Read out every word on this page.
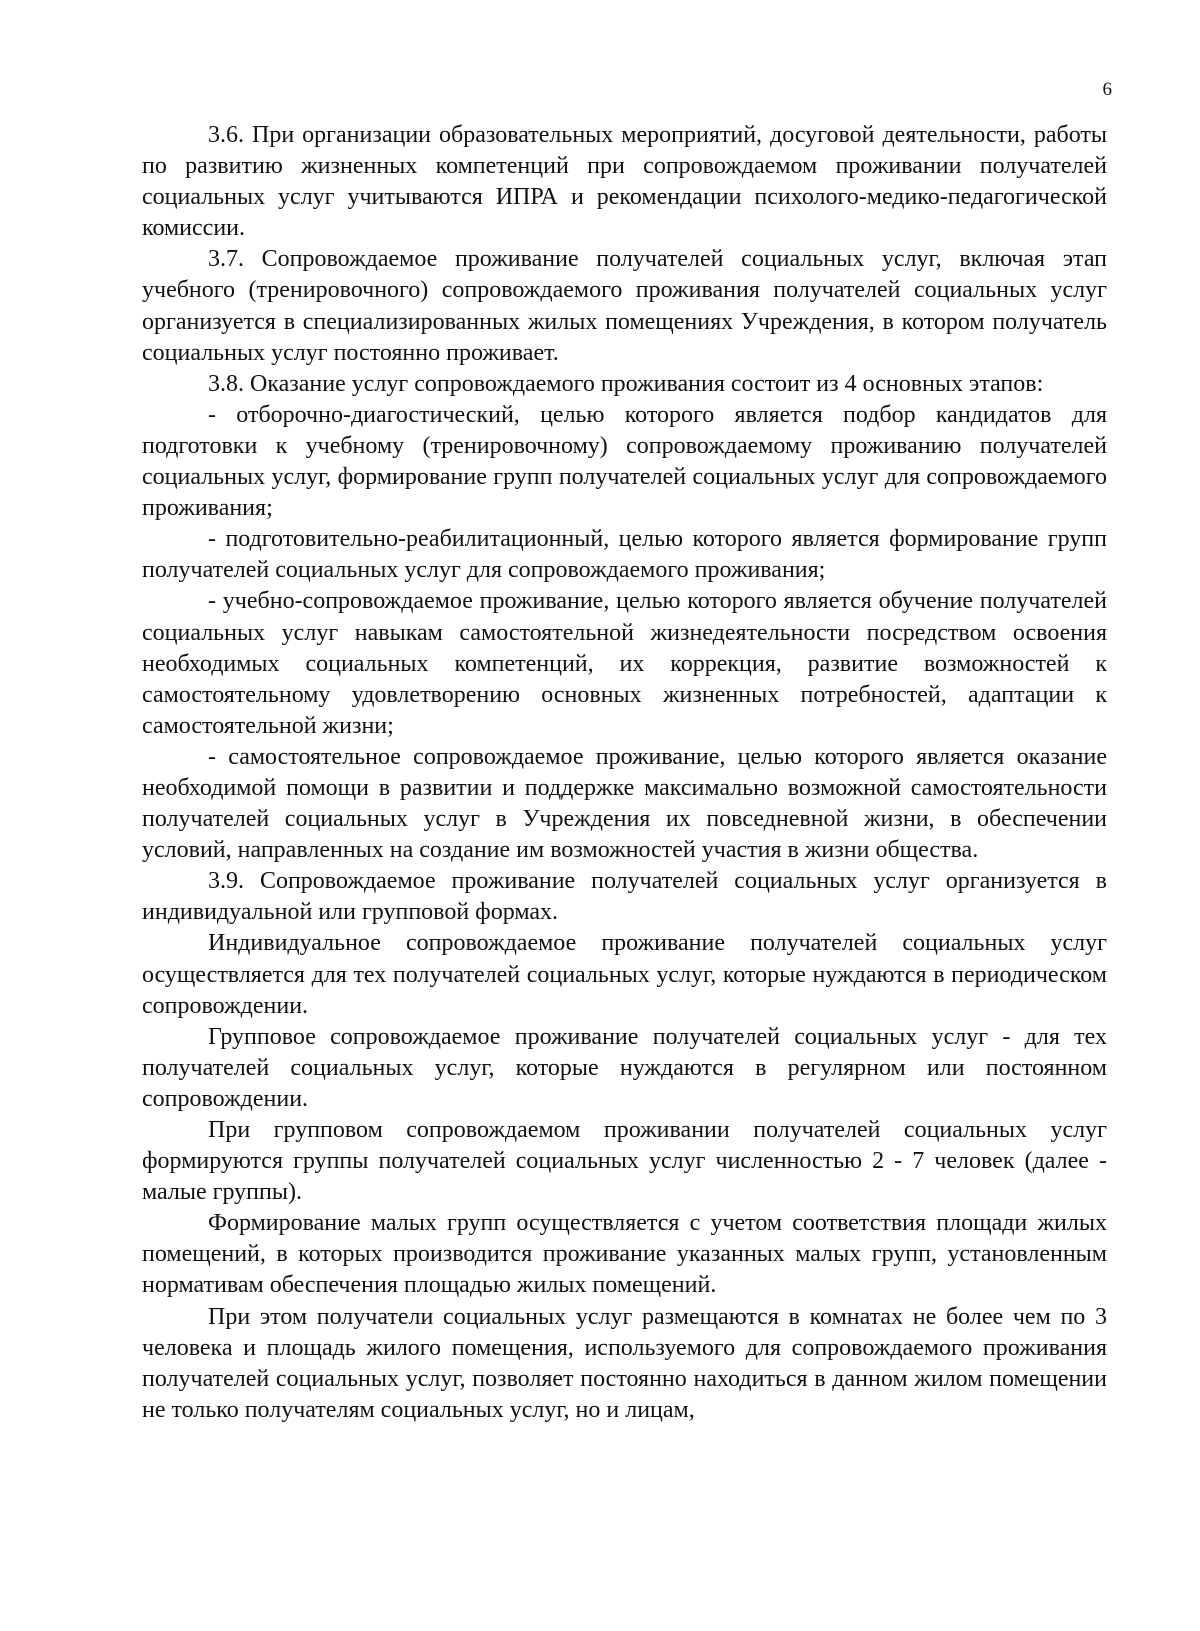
6

3.6. При организации образовательных мероприятий, досуговой деятельности, работы по развитию жизненных компетенций при сопровождаемом проживании получателей социальных услуг учитываются ИПРА и рекомендации психолого-медико-педагогической комиссии.

3.7. Сопровождаемое проживание получателей социальных услуг, включая этап учебного (тренировочного) сопровождаемого проживания получателей социальных услуг организуется в специализированных жилых помещениях Учреждения, в котором получатель социальных услуг постоянно проживает.

3.8. Оказание услуг сопровождаемого проживания состоит из 4 основных этапов:

- отборочно-диагостический, целью которого является подбор кандидатов для подготовки к учебному (тренировочному) сопровождаемому проживанию получателей социальных услуг, формирование групп получателей социальных услуг для сопровождаемого проживания;

- подготовительно-реабилитационный, целью которого является формирование групп получателей социальных услуг для сопровождаемого проживания;

- учебно-сопровождаемое проживание, целью которого является обучение получателей социальных услуг навыкам самостоятельной жизнедеятельности посредством освоения необходимых социальных компетенций, их коррекция, развитие возможностей к самостоятельному удовлетворению основных жизненных потребностей, адаптации к самостоятельной жизни;

- самостоятельное сопровождаемое проживание, целью которого является оказание необходимой помощи в развитии и поддержке максимально возможной самостоятельности получателей социальных услуг в Учреждения их повседневной жизни, в обеспечении условий, направленных на создание им возможностей участия в жизни общества.

3.9. Сопровождаемое проживание получателей социальных услуг организуется в индивидуальной или групповой формах.

Индивидуальное сопровождаемое проживание получателей социальных услуг осуществляется для тех получателей социальных услуг, которые нуждаются в периодическом сопровождении.

Групповое сопровождаемое проживание получателей социальных услуг - для тех получателей социальных услуг, которые нуждаются в регулярном или постоянном сопровождении.

При групповом сопровождаемом проживании получателей социальных услуг формируются группы получателей социальных услуг численностью 2 - 7 человек (далее - малые группы).

Формирование малых групп осуществляется с учетом соответствия площади жилых помещений, в которых производится проживание указанных малых групп, установленным нормативам обеспечения площадью жилых помещений.

При этом получатели социальных услуг размещаются в комнатах не более чем по 3 человека и площадь жилого помещения, используемого для сопровождаемого проживания получателей социальных услуг, позволяет постоянно находиться в данном жилом помещении не только получателям социальных услуг, но и лицам,
